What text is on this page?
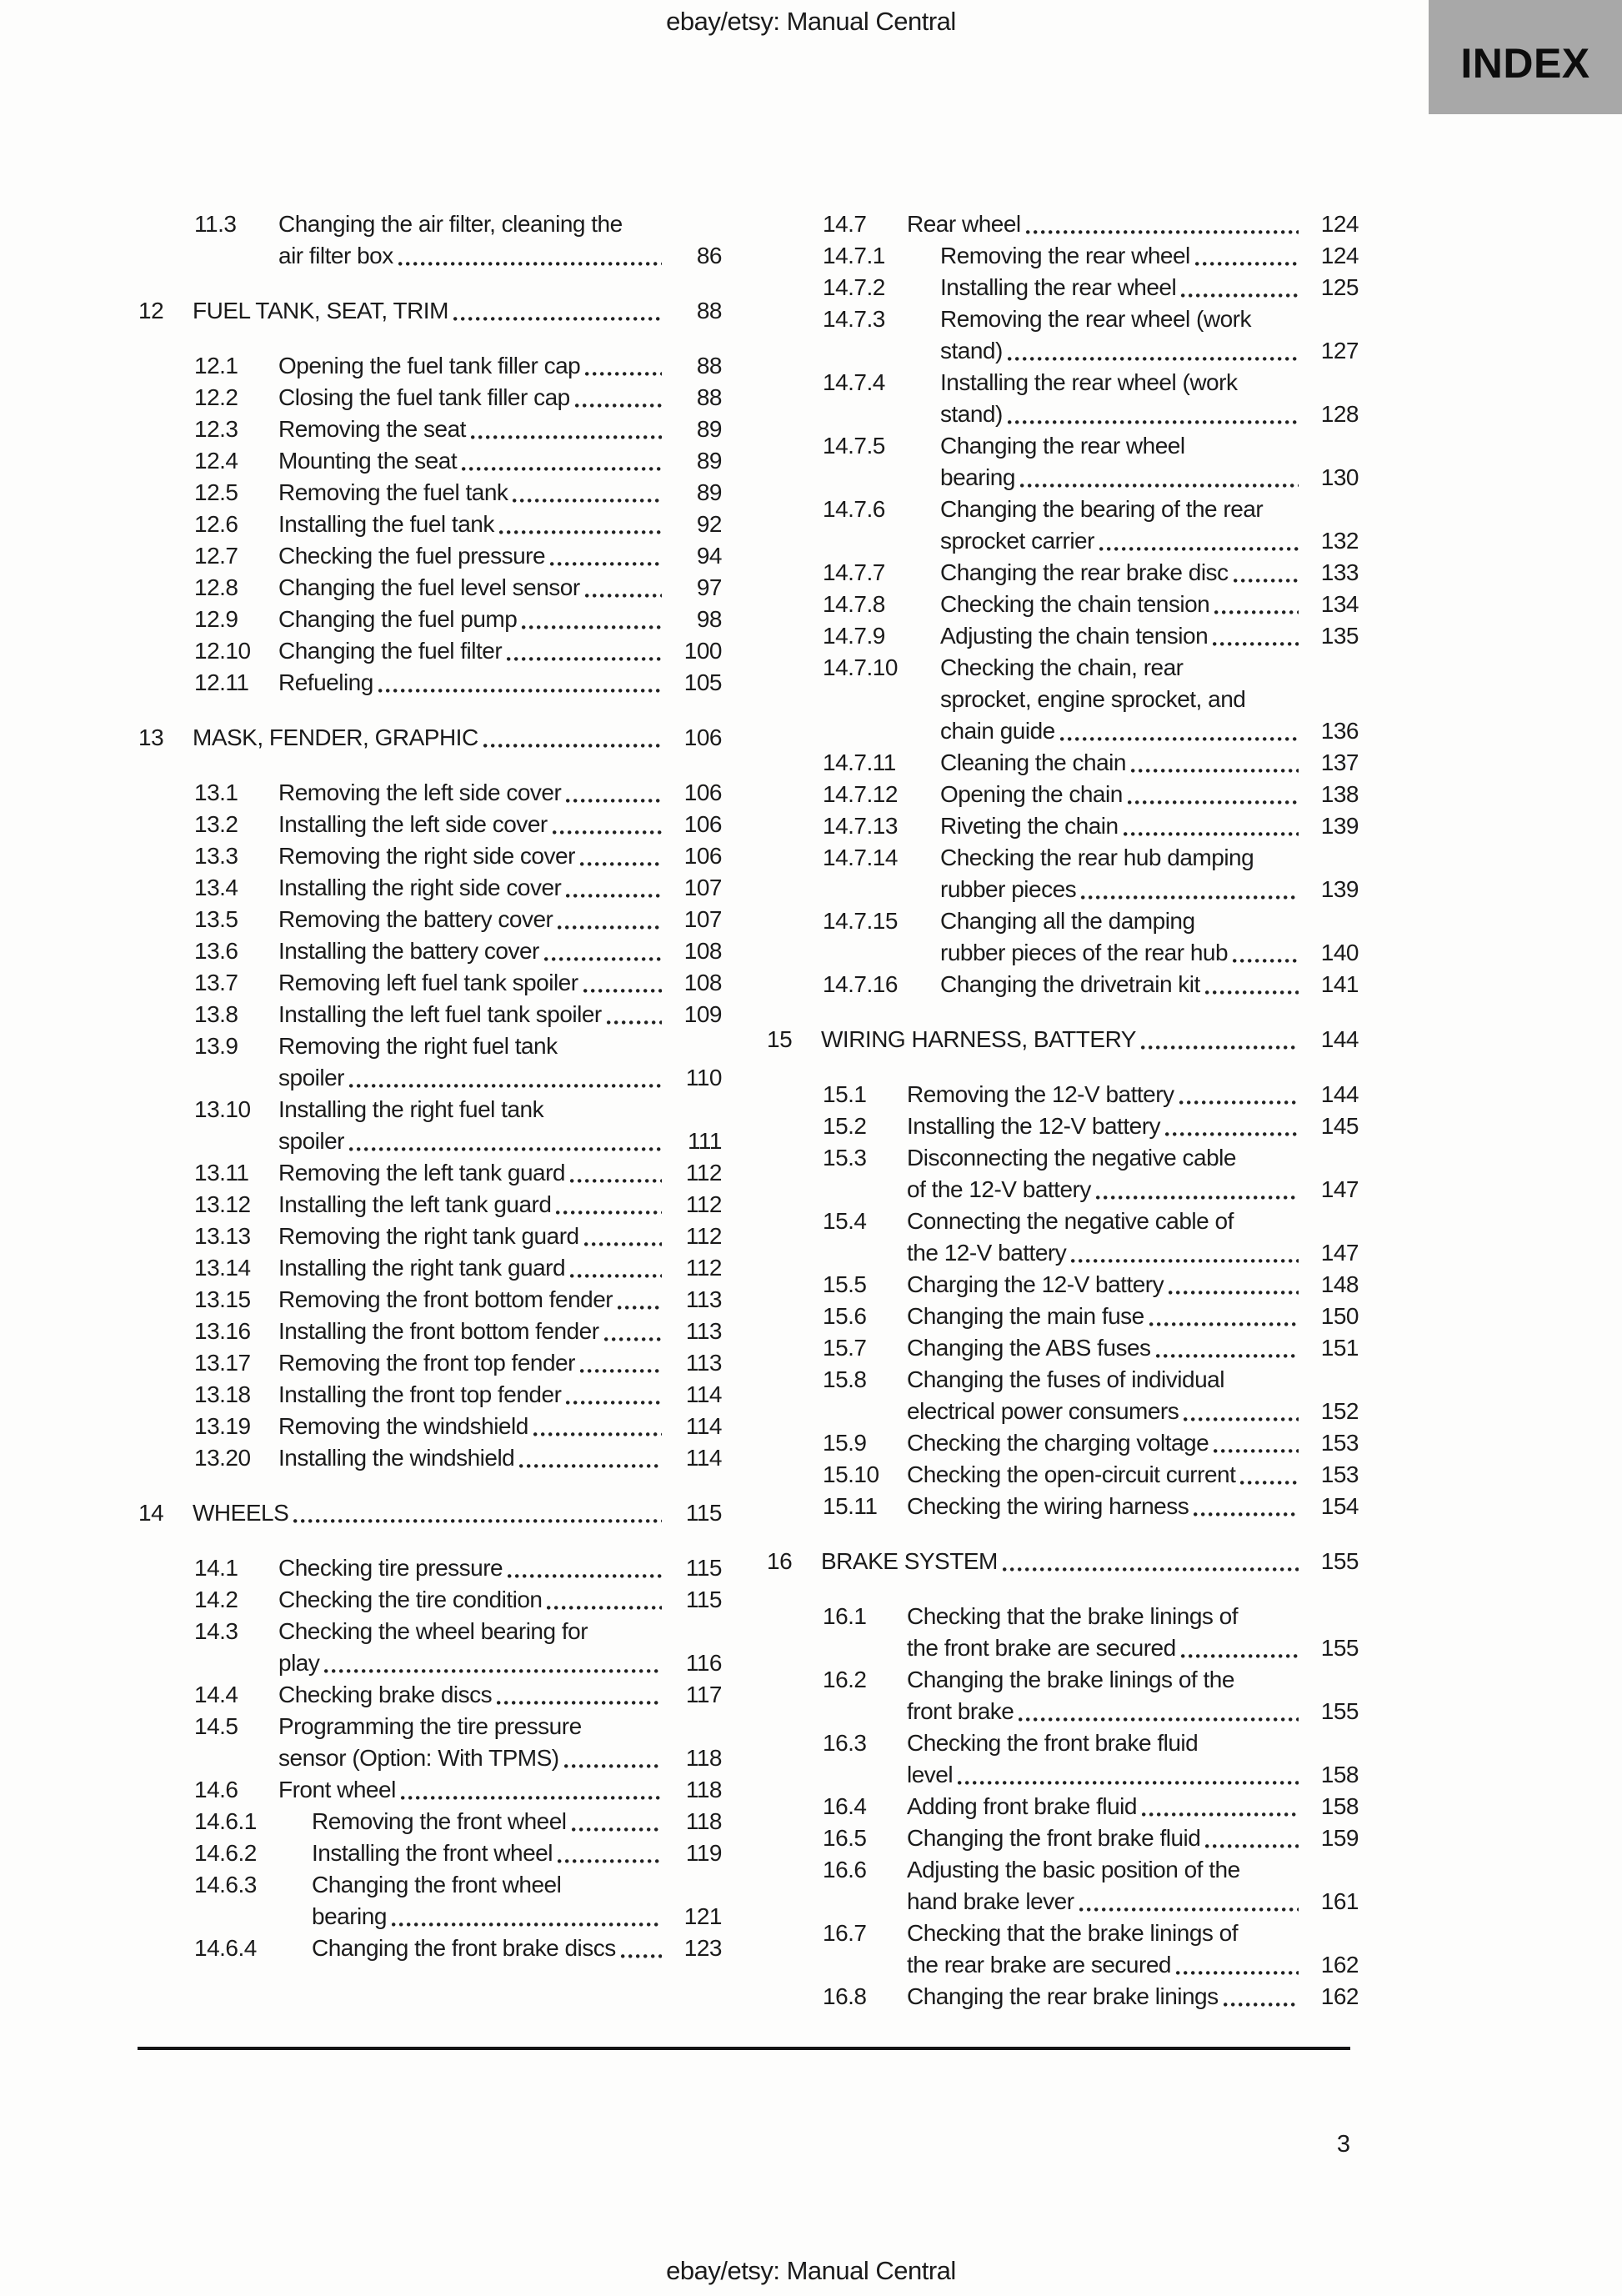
ebay/etsy: Manual Central
INDEX
11.3	Changing the air filter, cleaning the
air filter box	86
12	FUEL TANK, SEAT, TRIM	88
12.1	Opening the fuel tank filler cap	88
12.2	Closing the fuel tank filler cap	88
12.3	Removing the seat	89
12.4	Mounting the seat	89
12.5	Removing the fuel tank	89
12.6	Installing the fuel tank	92
12.7	Checking the fuel pressure	94
12.8	Changing the fuel level sensor	97
12.9	Changing the fuel pump	98
12.10	Changing the fuel filter	100
12.11	Refueling	105
13	MASK, FENDER, GRAPHIC	106
13.1	Removing the left side cover	106
13.2	Installing the left side cover	106
13.3	Removing the right side cover	106
13.4	Installing the right side cover	107
13.5	Removing the battery cover	107
13.6	Installing the battery cover	108
13.7	Removing left fuel tank spoiler	108
13.8	Installing the left fuel tank spoiler	109
13.9	Removing the right fuel tank
spoiler	110
13.10	Installing the right fuel tank
spoiler	111
13.11	Removing the left tank guard	112
13.12	Installing the left tank guard	112
13.13	Removing the right tank guard	112
13.14	Installing the right tank guard	112
13.15	Removing the front bottom fender	113
13.16	Installing the front bottom fender	113
13.17	Removing the front top fender	113
13.18	Installing the front top fender	114
13.19	Removing the windshield	114
13.20	Installing the windshield	114
14	WHEELS	115
14.1	Checking tire pressure	115
14.2	Checking the tire condition	115
14.3	Checking the wheel bearing for
play	116
14.4	Checking brake discs	117
14.5	Programming the tire pressure
sensor (Option: With TPMS)	118
14.6	Front wheel	118
14.6.1	Removing the front wheel	118
14.6.2	Installing the front wheel	119
14.6.3	Changing the front wheel
bearing	121
14.6.4	Changing the front brake discs	123
14.7	Rear wheel	124
14.7.1	Removing the rear wheel	124
14.7.2	Installing the rear wheel	125
14.7.3	Removing the rear wheel (work
stand)	127
14.7.4	Installing the rear wheel (work
stand)	128
14.7.5	Changing the rear wheel
bearing	130
14.7.6	Changing the bearing of the rear
sprocket carrier	132
14.7.7	Changing the rear brake disc	133
14.7.8	Checking the chain tension	134
14.7.9	Adjusting the chain tension	135
14.7.10	Checking the chain, rear
sprocket, engine sprocket, and
chain guide	136
14.7.11	Cleaning the chain	137
14.7.12	Opening the chain	138
14.7.13	Riveting the chain	139
14.7.14	Checking the rear hub damping
rubber pieces	139
14.7.15	Changing all the damping
rubber pieces of the rear hub	140
14.7.16	Changing the drivetrain kit	141
15	WIRING HARNESS, BATTERY	144
15.1	Removing the 12-V battery	144
15.2	Installing the 12-V battery	145
15.3	Disconnecting the negative cable
of the 12-V battery	147
15.4	Connecting the negative cable of
the 12-V battery	147
15.5	Charging the 12-V battery	148
15.6	Changing the main fuse	150
15.7	Changing the ABS fuses	151
15.8	Changing the fuses of individual
electrical power consumers	152
15.9	Checking the charging voltage	153
15.10	Checking the open-circuit current	153
15.11	Checking the wiring harness	154
16	BRAKE SYSTEM	155
16.1	Checking that the brake linings of
the front brake are secured	155
16.2	Changing the brake linings of the
front brake	155
16.3	Checking the front brake fluid
level	158
16.4	Adding front brake fluid	158
16.5	Changing the front brake fluid	159
16.6	Adjusting the basic position of the
hand brake lever	161
16.7	Checking that the brake linings of
the rear brake are secured	162
16.8	Changing the rear brake linings	162
3
ebay/etsy: Manual Central
